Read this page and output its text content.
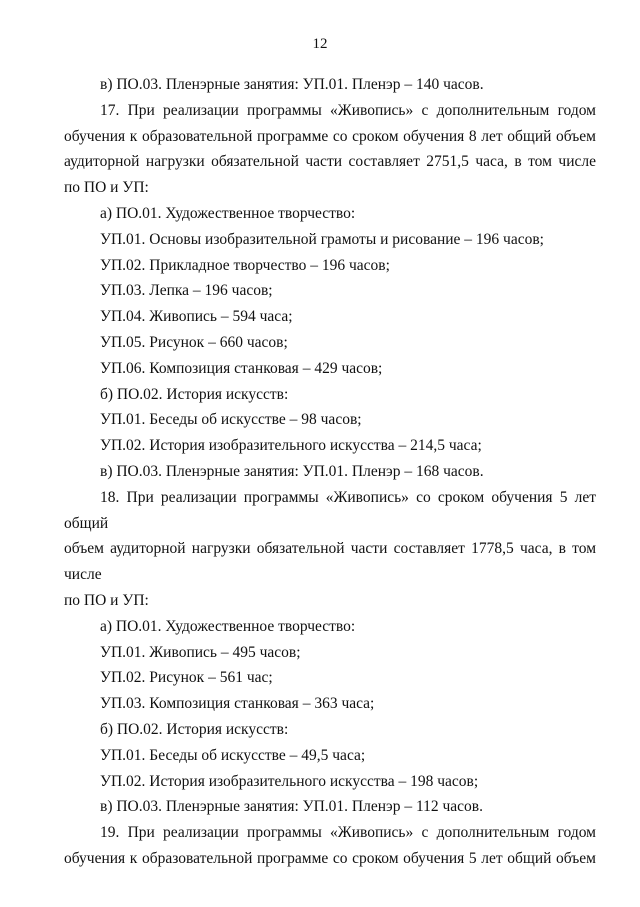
12

в) ПО.03. Пленэрные занятия: УП.01. Пленэр – 140 часов.

17. При реализации программы «Живопись» с дополнительным годом

обучения к образовательной программе со сроком обучения 8 лет общий объем

аудиторной нагрузки обязательной части составляет 2751,5 часа, в том числе

по ПО и УП:

а) ПО.01. Художественное творчество:

УП.01. Основы изобразительной грамоты и рисование – 196 часов;

УП.02. Прикладное творчество – 196 часов;

УП.03. Лепка – 196 часов;

УП.04. Живопись – 594 часа;

УП.05. Рисунок – 660 часов;

УП.06. Композиция станковая – 429 часов;

б) ПО.02. История искусств:

УП.01. Беседы об искусстве – 98 часов;

УП.02. История изобразительного искусства – 214,5 часа;

в) ПО.03. Пленэрные занятия: УП.01. Пленэр – 168 часов.

18. При реализации программы «Живопись» со сроком обучения 5 лет общий

объем аудиторной нагрузки обязательной части составляет 1778,5 часа, в том числе

по ПО и УП:

а) ПО.01. Художественное творчество:

УП.01. Живопись – 495 часов;

УП.02. Рисунок – 561 час;

УП.03. Композиция станковая – 363 часа;

б) ПО.02. История искусств:

УП.01. Беседы об искусстве – 49,5 часа;

УП.02. История изобразительного искусства – 198 часов;

в) ПО.03. Пленэрные занятия: УП.01. Пленэр – 112 часов.

19. При реализации программы «Живопись» с дополнительным годом

обучения к образовательной программе со сроком обучения 5 лет общий объем
